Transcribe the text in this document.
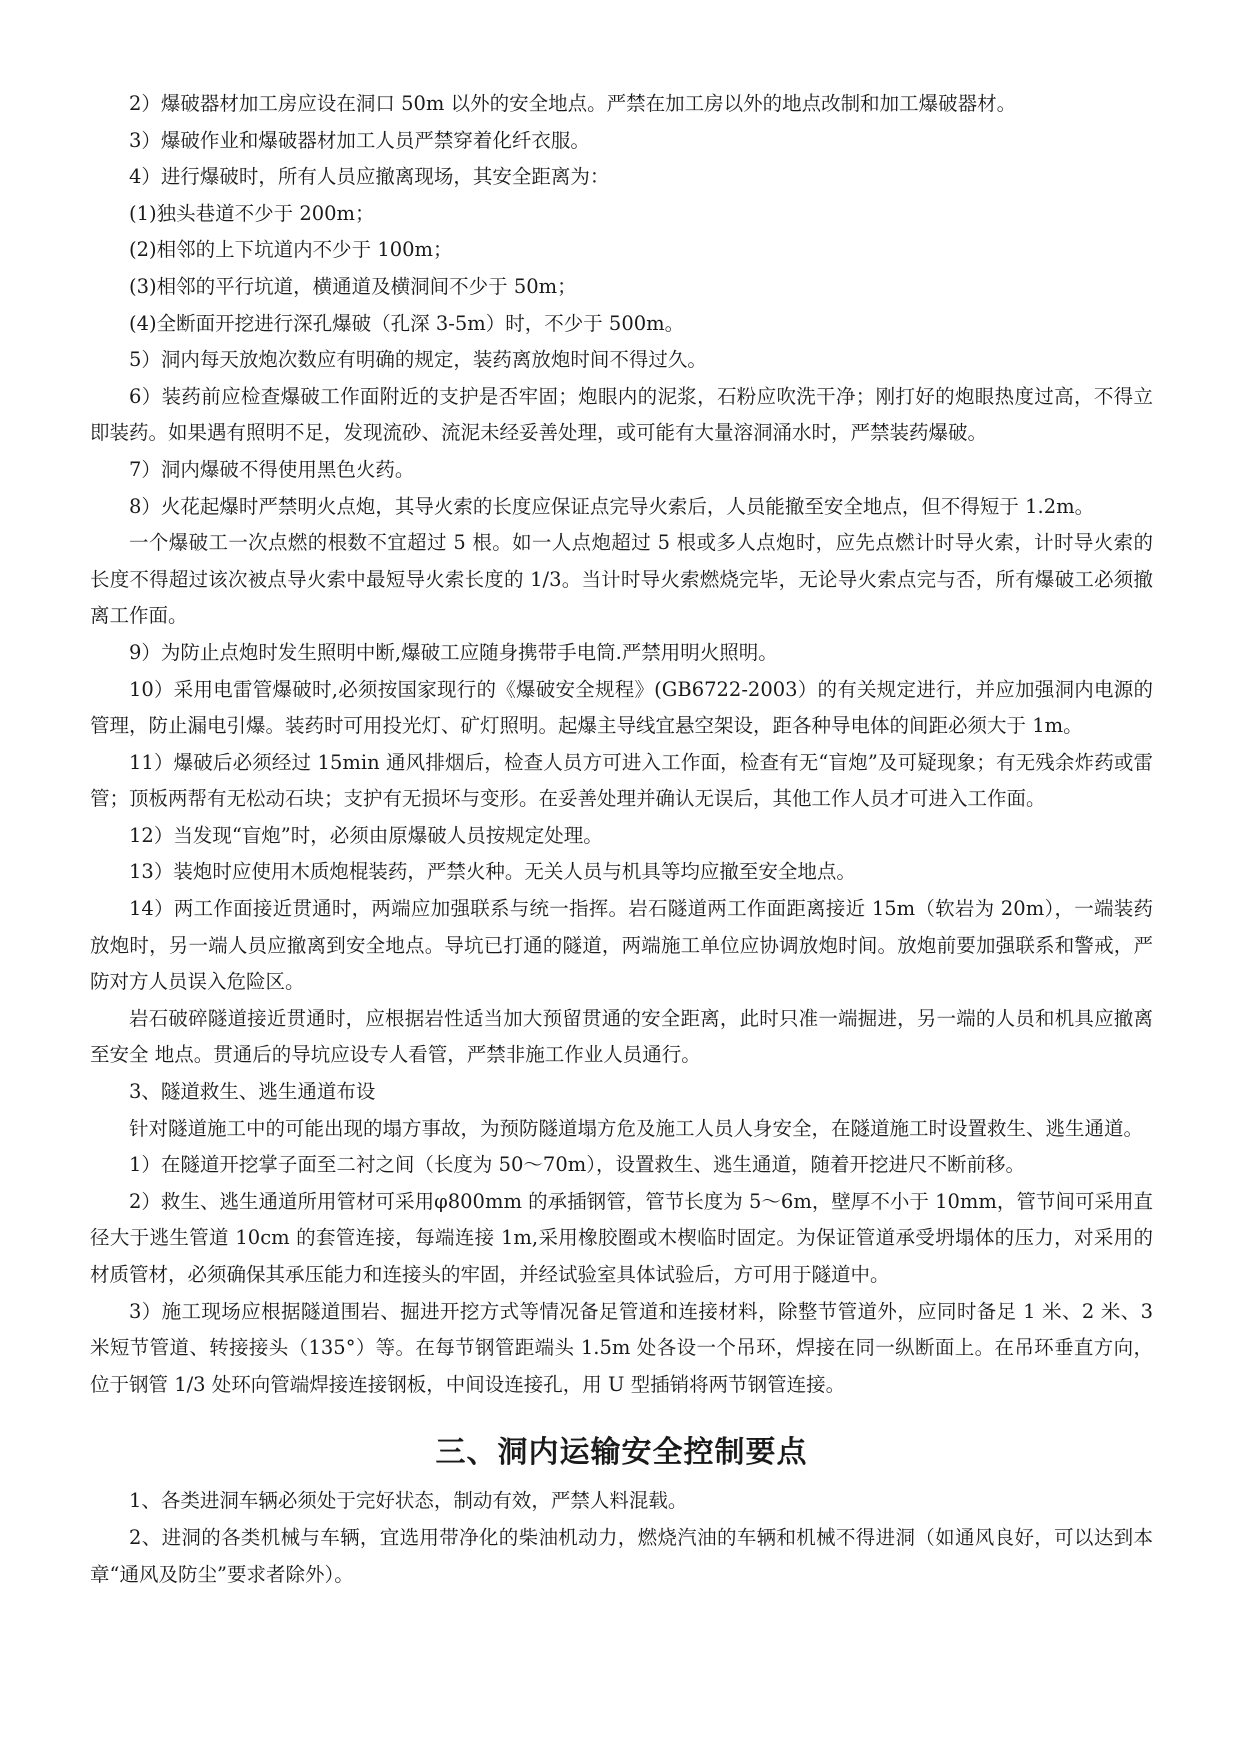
2）爆破器材加工房应设在洞口 50m 以外的安全地点。严禁在加工房以外的地点改制和加工爆破器材。

3）爆破作业和爆破器材加工人员严禁穿着化纤衣服。

4）进行爆破时，所有人员应撤离现场，其安全距离为：

(1)独头巷道不少于 200m；

(2)相邻的上下坑道内不少于 100m；

(3)相邻的平行坑道，横通道及横洞间不少于 50m；

(4)全断面开挖进行深孔爆破（孔深 3-5m）时，不少于 500m。

5）洞内每天放炮次数应有明确的规定，装药离放炮时间不得过久。

6）装药前应检查爆破工作面附近的支护是否牢固；炮眼内的泥浆，石粉应吹洗干净；刚打好的炮眼热度过高，不得立即装药。如果遇有照明不足，发现流砂、流泥未经妥善处理，或可能有大量溶洞涌水时，严禁装药爆破。

7）洞内爆破不得使用黑色火药。

8）火花起爆时严禁明火点炮，其导火索的长度应保证点完导火索后，人员能撤至安全地点，但不得短于 1.2m。

一个爆破工一次点燃的根数不宜超过 5 根。如一人点炮超过 5 根或多人点炮时，应先点燃计时导火索，计时导火索的长度不得超过该次被点导火索中最短导火索长度的 1/3。当计时导火索燃烧完毕，无论导火索点完与否，所有爆破工必须撤离工作面。

9）为防止点炮时发生照明中断,爆破工应随身携带手电筒.严禁用明火照明。

10）采用电雷管爆破时,必须按国家现行的《爆破安全规程》(GB6722-2003）的有关规定进行，并应加强洞内电源的管理，防止漏电引爆。装药时可用投光灯、矿灯照明。起爆主导线宜悬空架设，距各种导电体的间距必须大于 1m。

11）爆破后必须经过 15min 通风排烟后，检查人员方可进入工作面，检查有无“盲炮”及可疑现象；有无残余炸药或雷管；顶板两帮有无松动石块；支护有无损坏与变形。在妥善处理并确认无误后，其他工作人员才可进入工作面。

12）当发现“盲炮”时，必须由原爆破人员按规定处理。

13）装炮时应使用木质炮棍装药，严禁火种。无关人员与机具等均应撤至安全地点。

14）两工作面接近贯通时，两端应加强联系与统一指挥。岩石隧道两工作面距离接近 15m（软岩为 20m），一端装药放炮时，另一端人员应撤离到安全地点。导坑已打通的隧道，两端施工单位应协调放炮时间。放炮前要加强联系和警戒，严防对方人员误入危险区。

岩石破碎隧道接近贯通时，应根据岩性适当加大预留贯通的安全距离，此时只准一端掘进，另一端的人员和机具应撤离至安全 地点。贯通后的导坑应设专人看管，严禁非施工作业人员通行。

3、隧道救生、逃生通道布设

针对隧道施工中的可能出现的塌方事故，为预防隧道塌方危及施工人员人身安全，在隧道施工时设置救生、逃生通道。

1）在隧道开挖掌子面至二衬之间（长度为 50～70m），设置救生、逃生通道，随着开挖进尺不断前移。

2）救生、逃生通道所用管材可采用φ800mm 的承插钢管，管节长度为 5～6m，壁厚不小于 10mm，管节间可采用直径大于逃生管道 10cm 的套管连接，每端连接 1m,采用橡胶圈或木楔临时固定。为保证管道承受坍塌体的压力，对采用的材质管材，必须确保其承压能力和连接头的牢固，并经试验室具体试验后，方可用于隧道中。

3）施工现场应根据隧道围岩、掘进开挖方式等情况备足管道和连接材料，除整节管道外，应同时备足 1 米、2 米、3 米短节管道、转接接头（135°）等。在每节钢管距端头 1.5m 处各设一个吊环，焊接在同一纵断面上。在吊环垂直方向，位于钢管 1/3 处环向管端焊接连接钢板，中间设连接孔，用 U 型插销将两节钢管连接。

三、洞内运输安全控制要点

1、各类进洞车辆必须处于完好状态，制动有效，严禁人料混载。

2、进洞的各类机械与车辆，宜选用带净化的柴油机动力，燃烧汽油的车辆和机械不得进洞（如通风良好，可以达到本章“通风及防尘”要求者除外）。
